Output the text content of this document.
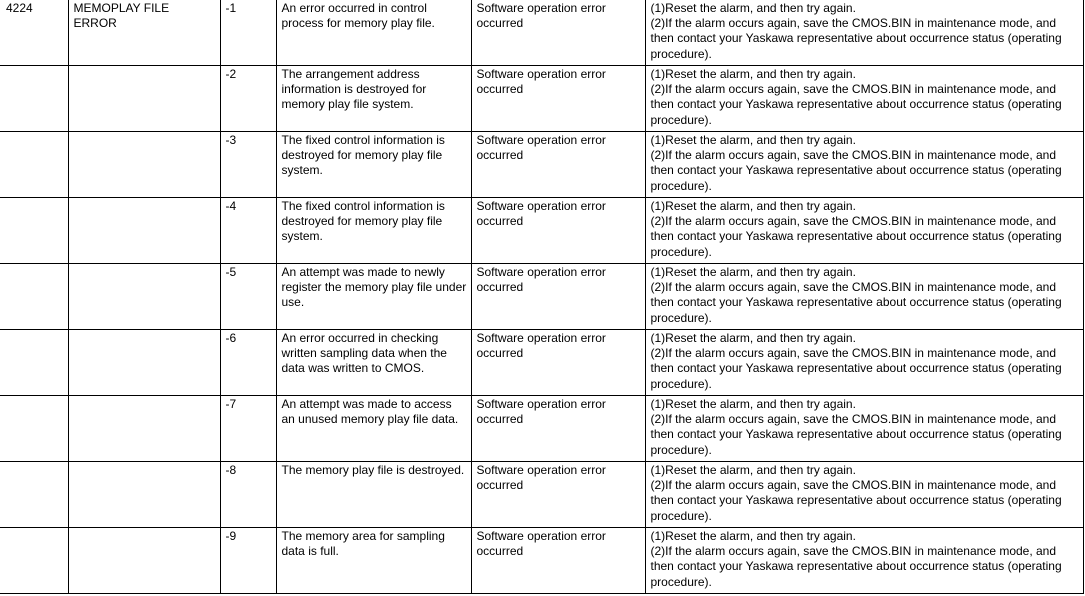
4224	MEMOPLAY FILE ERROR	-1	An error occurred in control process for memory play file.	Software operation error occurred	(1)Reset the alarm, and then try again.
(2)If the alarm occurs again, save the CMOS.BIN in maintenance mode, and then contact your Yaskawa representative about occurrence status (operating procedure).
		-2	The arrangement address information is destroyed for memory play file system.	Software operation error occurred	(1)Reset the alarm, and then try again.
(2)If the alarm occurs again, save the CMOS.BIN in maintenance mode, and then contact your Yaskawa representative about occurrence status (operating procedure).
		-3	The fixed control information is destroyed for memory play file system.	Software operation error occurred	(1)Reset the alarm, and then try again.
(2)If the alarm occurs again, save the CMOS.BIN in maintenance mode, and then contact your Yaskawa representative about occurrence status (operating procedure).
		-4	The fixed control information is destroyed for memory play file system.	Software operation error occurred	(1)Reset the alarm, and then try again.
(2)If the alarm occurs again, save the CMOS.BIN in maintenance mode, and then contact your Yaskawa representative about occurrence status (operating procedure).
		-5	An attempt was made to newly register the memory play file under use.	Software operation error occurred	(1)Reset the alarm, and then try again.
(2)If the alarm occurs again, save the CMOS.BIN in maintenance mode, and then contact your Yaskawa representative about occurrence status (operating procedure).
		-6	An error occurred in checking written sampling data when the data was written to CMOS.	Software operation error occurred	(1)Reset the alarm, and then try again.
(2)If the alarm occurs again, save the CMOS.BIN in maintenance mode, and then contact your Yaskawa representative about occurrence status (operating procedure).
		-7	An attempt was made to access an unused memory play file data.	Software operation error occurred	(1)Reset the alarm, and then try again.
(2)If the alarm occurs again, save the CMOS.BIN in maintenance mode, and then contact your Yaskawa representative about occurrence status (operating procedure).
		-8	The memory play file is destroyed.	Software operation error occurred	(1)Reset the alarm, and then try again.
(2)If the alarm occurs again, save the CMOS.BIN in maintenance mode, and then contact your Yaskawa representative about occurrence status (operating procedure).
		-9	The memory area for sampling data is full.	Software operation error occurred	(1)Reset the alarm, and then try again.
(2)If the alarm occurs again, save the CMOS.BIN in maintenance mode, and then contact your Yaskawa representative about occurrence status (operating procedure).
